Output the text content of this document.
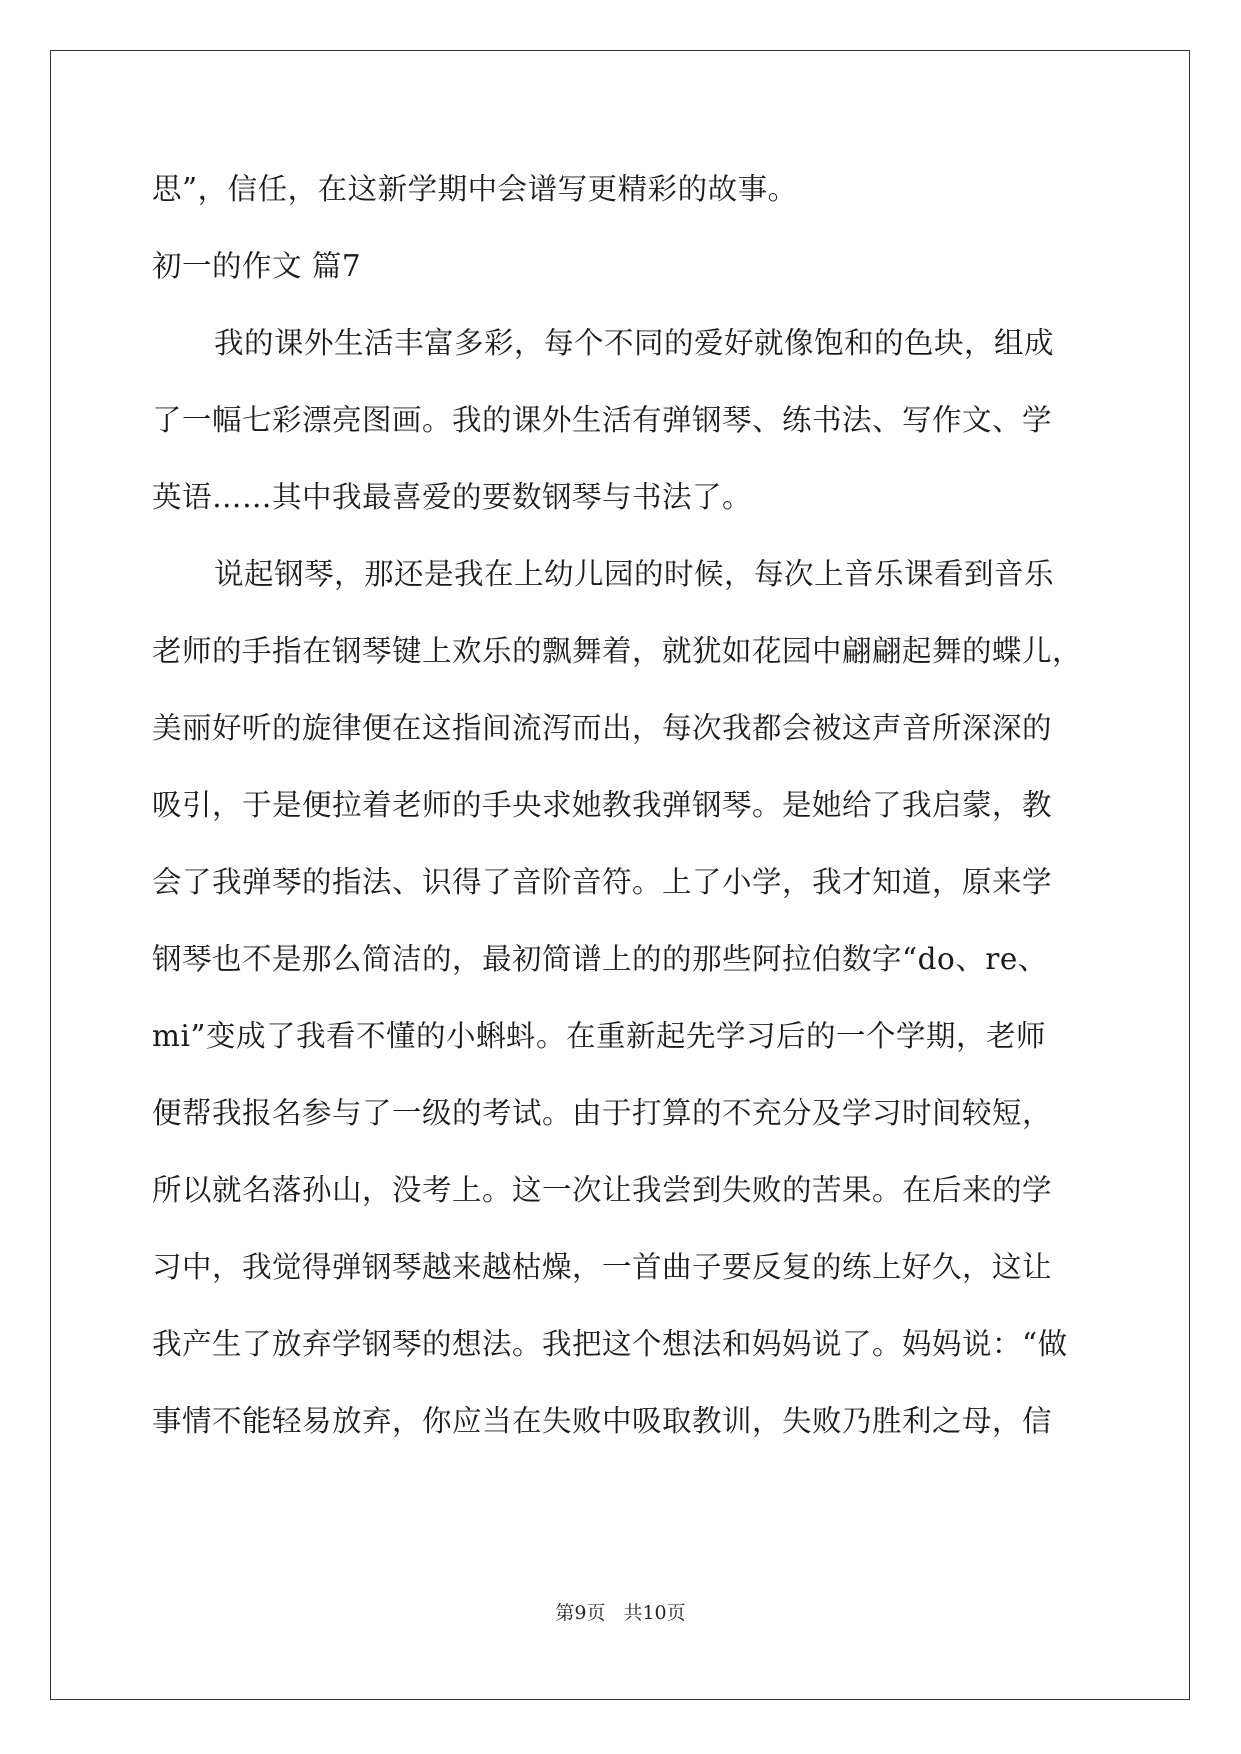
思”，信任，在这新学期中会谱写更精彩的故事。
初一的作文 篇7
我的课外生活丰富多彩，每个不同的爱好就像饱和的色块，组成
了一幅七彩漂亮图画。我的课外生活有弹钢琴、练书法、写作文、学
英语……其中我最喜爱的要数钢琴与书法了。
说起钢琴，那还是我在上幼儿园的时候，每次上音乐课看到音乐
老师的手指在钢琴键上欢乐的飘舞着，就犹如花园中翩翩起舞的蝶儿，
美丽好听的旋律便在这指间流泻而出，每次我都会被这声音所深深的
吸引，于是便拉着老师的手央求她教我弹钢琴。是她给了我启蒙，教
会了我弹琴的指法、识得了音阶音符。上了小学，我才知道，原来学
钢琴也不是那么简洁的，最初简谱上的的那些阿拉伯数字“do、re、
mi”变成了我看不懂的小蝌蚪。在重新起先学习后的一个学期，老师
便帮我报名参与了一级的考试。由于打算的不充分及学习时间较短，
所以就名落孙山，没考上。这一次让我尝到失败的苦果。在后来的学
习中，我觉得弹钢琴越来越枯燥，一首曲子要反复的练上好久，这让
我产生了放弃学钢琴的想法。我把这个想法和妈妈说了。妈妈说：“做
事情不能轻易放弃，你应当在失败中吸取教训，失败乃胜利之母，信
第9页 共10页
